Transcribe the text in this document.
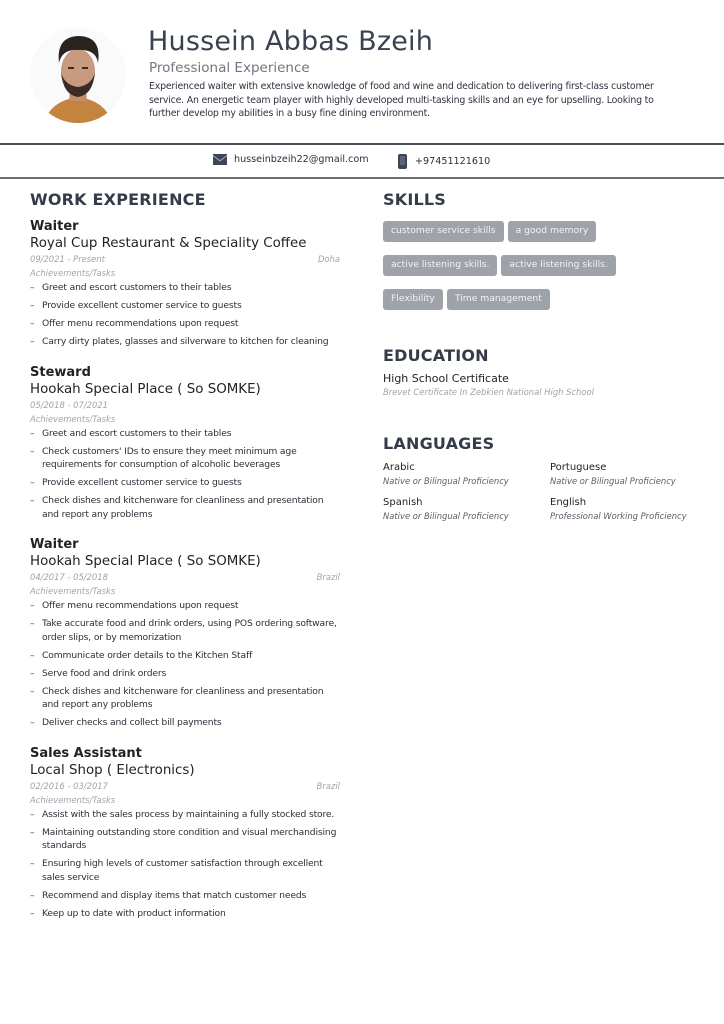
Hussein Abbas Bzeih
Professional Experience
Experienced waiter with extensive knowledge of food and wine and dedication to delivering first-class customer service. An energetic team player with highly developed multi-tasking skills and an eye for upselling. Looking to further develop my abilities in a busy fine dining environment.
husseinbzeih22@gmail.com	+97451121610
WORK EXPERIENCE
Waiter
Royal Cup Restaurant & Speciality Coffee
09/2021 - Present	Doha
Achievements/Tasks
– Greet and escort customers to their tables
– Provide excellent customer service to guests
– Offer menu recommendations upon request
– Carry dirty plates, glasses and silverware to kitchen for cleaning
Steward
Hookah Special Place ( So SOMKE)
05/2018 - 07/2021
Achievements/Tasks
– Greet and escort customers to their tables
– Check customers' IDs to ensure they meet minimum age requirements for consumption of alcoholic beverages
– Provide excellent customer service to guests
– Check dishes and kitchenware for cleanliness and presentation and report any problems
Waiter
Hookah Special Place ( So SOMKE)
04/2017 - 05/2018	Brazil
Achievements/Tasks
– Offer menu recommendations upon request
– Take accurate food and drink orders, using POS ordering software, order slips, or by memorization
– Communicate order details to the Kitchen Staff
– Serve food and drink orders
– Check dishes and kitchenware for cleanliness and presentation and report any problems
– Deliver checks and collect bill payments
Sales Assistant
Local Shop ( Electronics)
02/2016 - 03/2017	Brazil
Achievements/Tasks
– Assist with the sales process by maintaining a fully stocked store.
– Maintaining outstanding store condition and visual merchandising standards
– Ensuring high levels of customer satisfaction through excellent sales service
– Recommend and display items that match customer needs
– Keep up to date with product information
SKILLS
customer service skills a good memory
active listening skills. active listening skills.
Flexibility Time management
EDUCATION
High School Certificate
Brevet Certificate In Zebkien National High School
LANGUAGES
Arabic
Native or Bilingual Proficiency
Portuguese
Native or Bilingual Proficiency
Spanish
Native or Bilingual Proficiency
English
Professional Working Proficiency
